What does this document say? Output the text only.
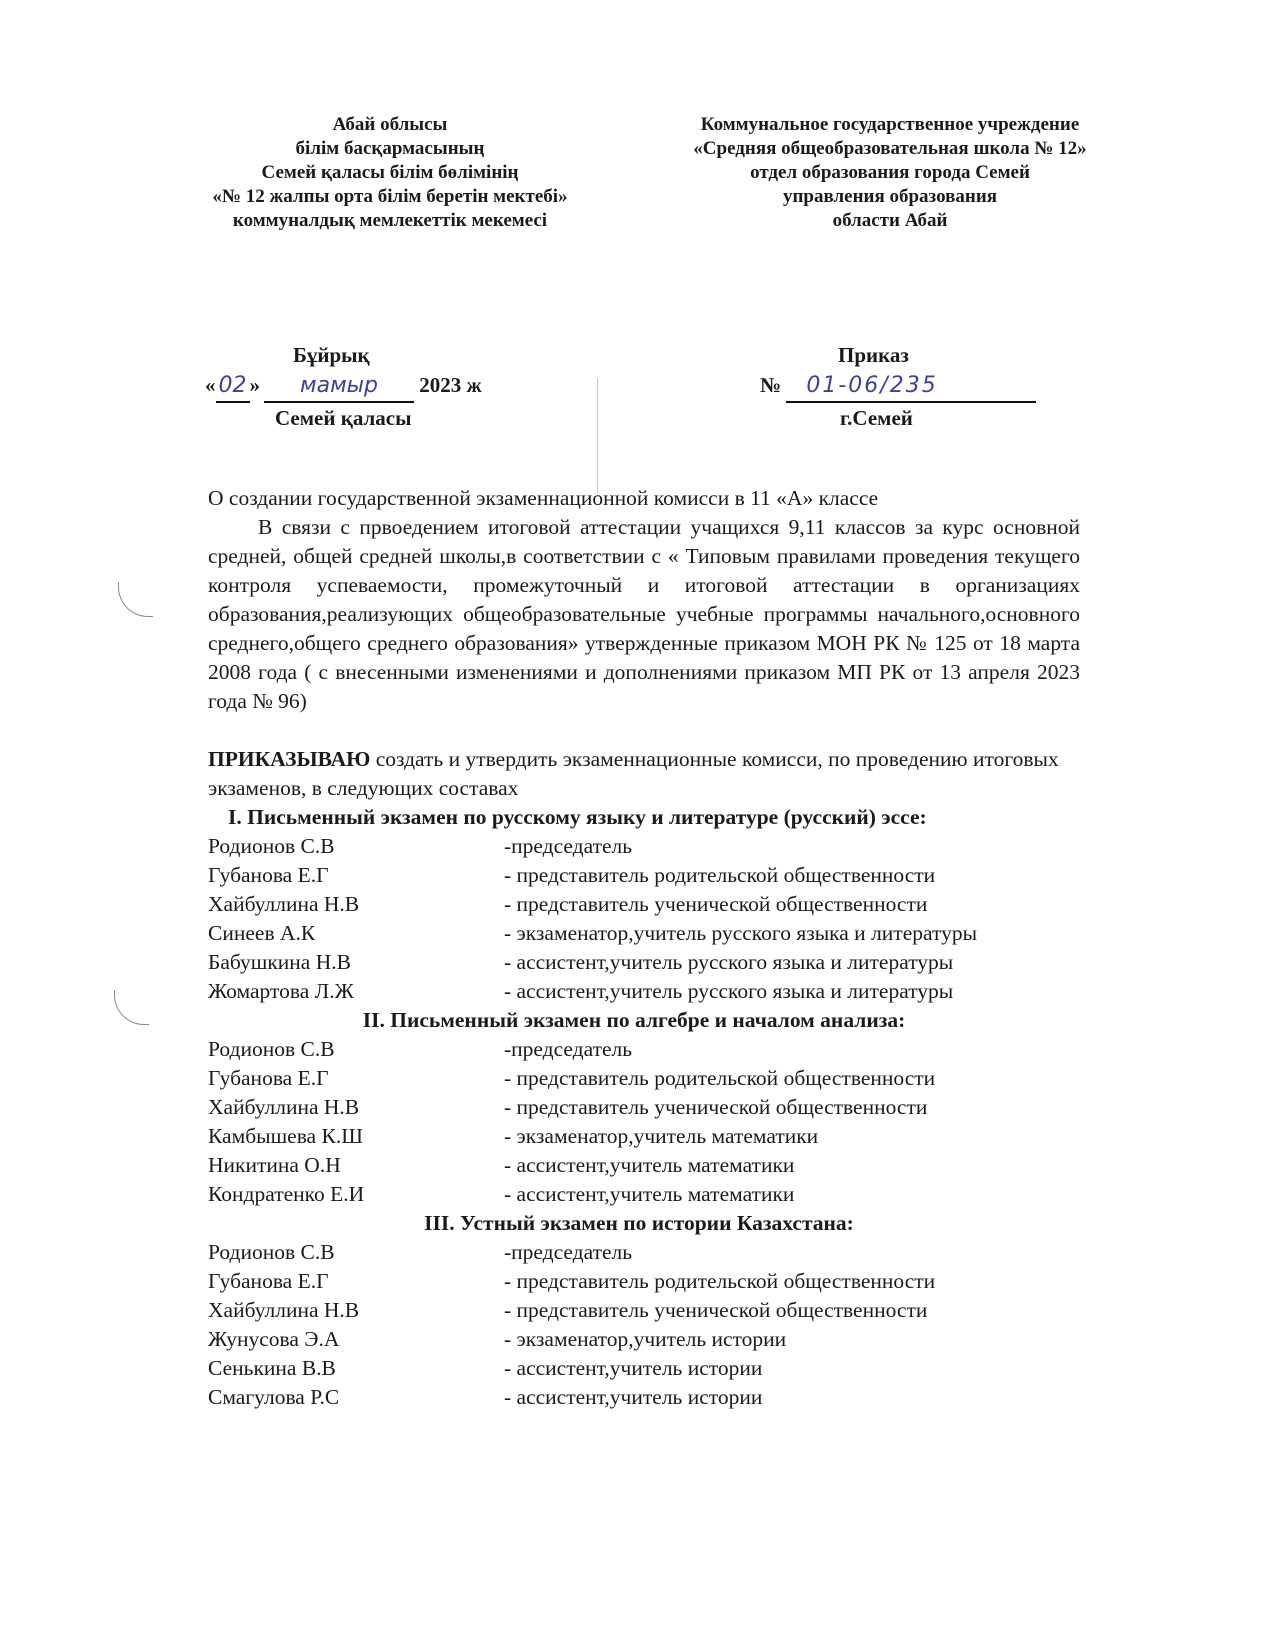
Абай облысы
білім басқармасының
Семей қаласы білім бөлімінің
«№ 12 жалпы орта білім беретін мектебі»
коммуналдық мемлекеттік мекемесі
Коммунальное государственное учреждение
«Средняя общеобразовательная школа № 12»
отдел образования города Семей
управления образования
области Абай
Бұйрық
« 02 » мамыр 2023 ж
Семей қаласы
Приказ
№ 01-06/235
г.Семей

О создании государственной экзаменнационной комисси в 11 «А» классе

В связи с првоедением итоговой аттестации учащихся 9,11 классов за курс основной средней, общей средней школы,в соответствии с « Типовым правилами проведения текущего контроля успеваемости, промежуточный и итоговой аттестации в организациях образования,реализующих общеобразовательные учебные программы начального,основного среднего,общего среднего образования» утвержденные приказом МОН РК № 125 от 18 марта 2008 года ( с внесенными изменениями и дополнениями приказом МП РК от 13 апреля 2023 года № 96)

ПРИКАЗЫВАЮ создать и утвердить экзаменнационные комисси, по проведению итоговых экзаменов, в следующих составах

I. Письменный экзамен по русскому языку и литературе (русский) эссе:

Родионов С.В	-председатель
Губанова Е.Г	- представитель родительской общественности
Хайбуллина Н.В	- представитель ученической общественности
Синеев А.К	- экзаменатор,учитель русского языка и литературы
Бабушкина Н.В	- ассистент,учитель русского языка и литературы
Жомартова Л.Ж	- ассистент,учитель русского языка и литературы

II. Письменный экзамен по алгебре и началом анализа:

Родионов С.В	-председатель
Губанова Е.Г	- представитель родительской общественности
Хайбуллина Н.В	- представитель ученической общественности
Камбышева К.Ш	- экзаменатор,учитель математики
Никитина О.Н	- ассистент,учитель математики
Кондратенко Е.И	- ассистент,учитель математики

III. Устный экзамен по истории Казахстана:

Родионов С.В	-председатель
Губанова Е.Г	- представитель родительской общественности
Хайбуллина Н.В	- представитель ученической общественности
Жунусова Э.А	- экзаменатор,учитель истории
Сенькина В.В	- ассистент,учитель истории
Смагулова Р.С	- ассистент,учитель истории
